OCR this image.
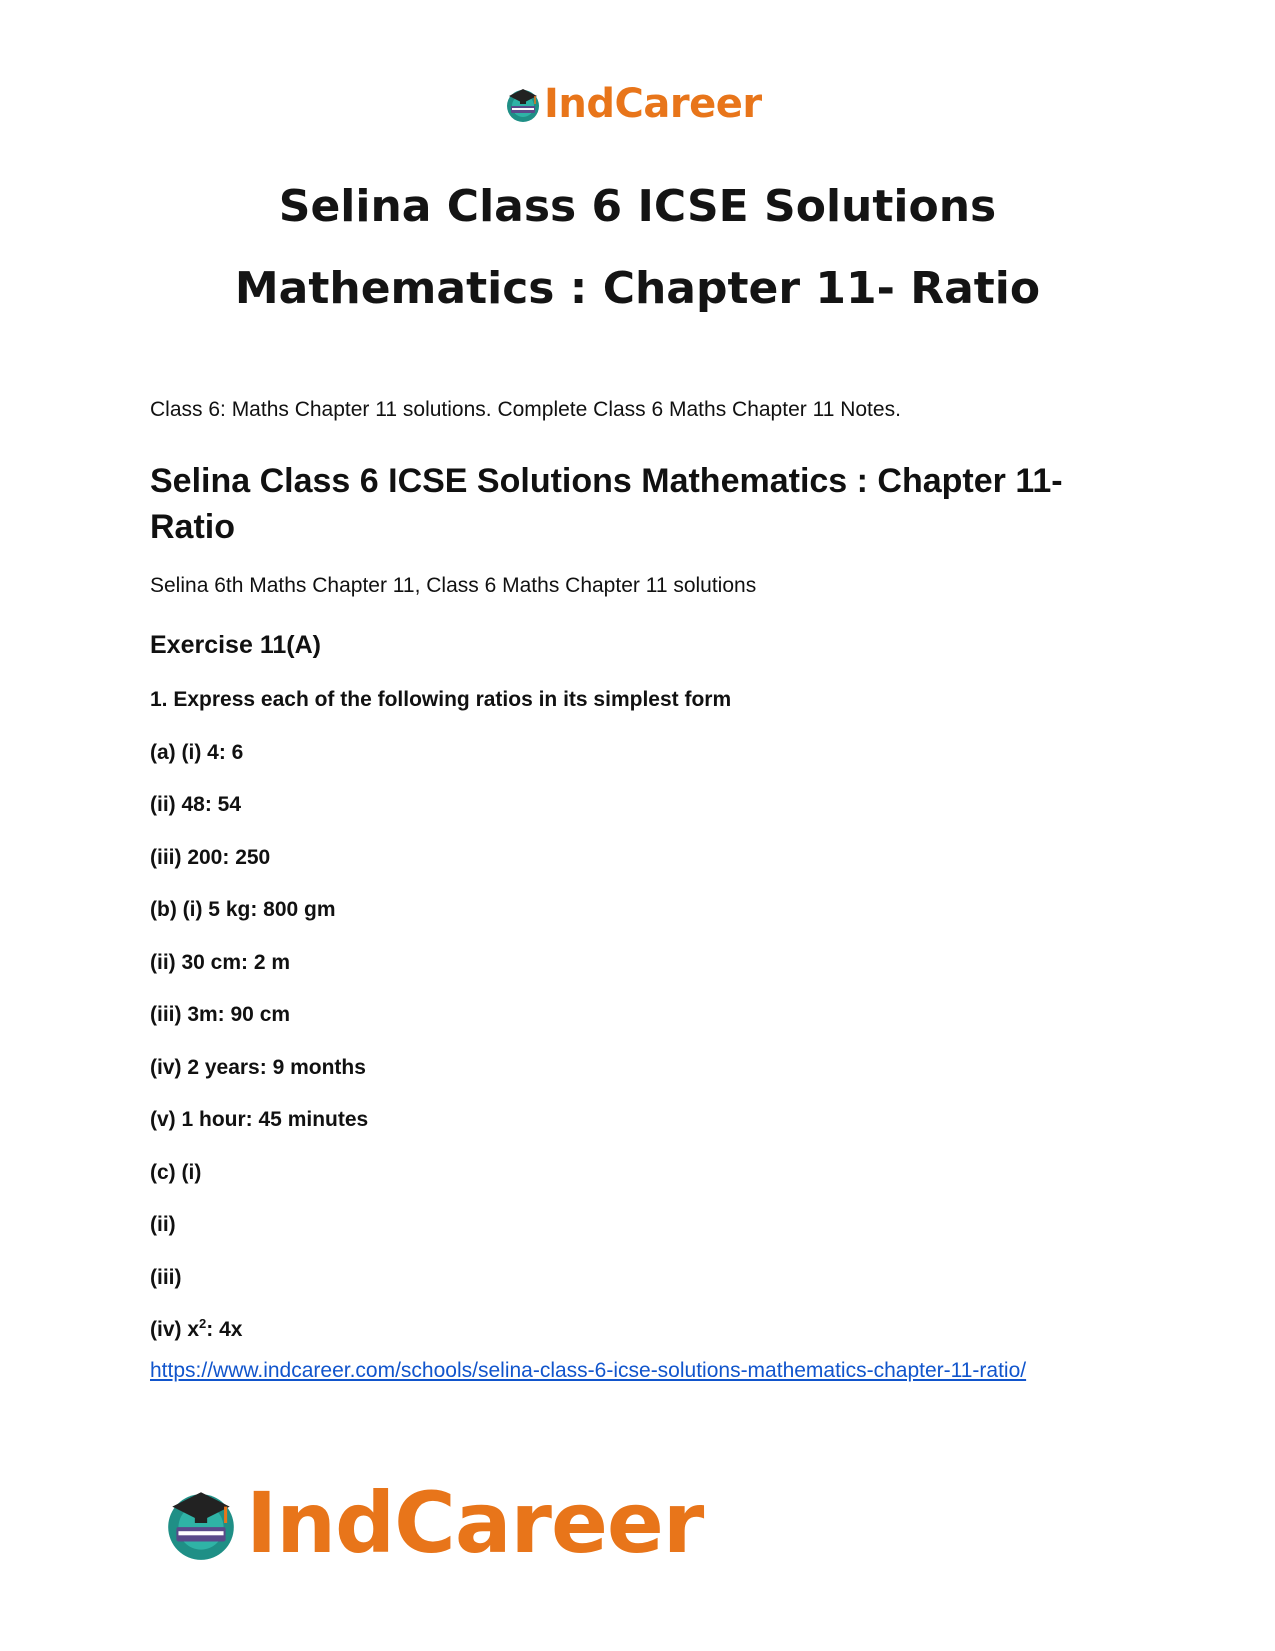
IndCareer
Selina Class 6 ICSE Solutions Mathematics : Chapter 11- Ratio

Class 6: Maths Chapter 11 solutions. Complete Class 6 Maths Chapter 11 Notes.

Selina Class 6 ICSE Solutions Mathematics : Chapter 11- Ratio

Selina 6th Maths Chapter 11, Class 6 Maths Chapter 11 solutions

Exercise 11(A)

1. Express each of the following ratios in its simplest form

(a) (i) 4: 6

(ii) 48: 54

(iii) 200: 250

(b) (i) 5 kg: 800 gm

(ii) 30 cm: 2 m

(iii) 3m: 90 cm

(iv) 2 years: 9 months

(v) 1 hour: 45 minutes

(c) (i)

(ii)

(iii)

(iv) $x^2$: 4x

https://www.indcareer.com/schools/selina-class-6-icse-solutions-mathematics-chapter-11-ratio/
IndCareer
